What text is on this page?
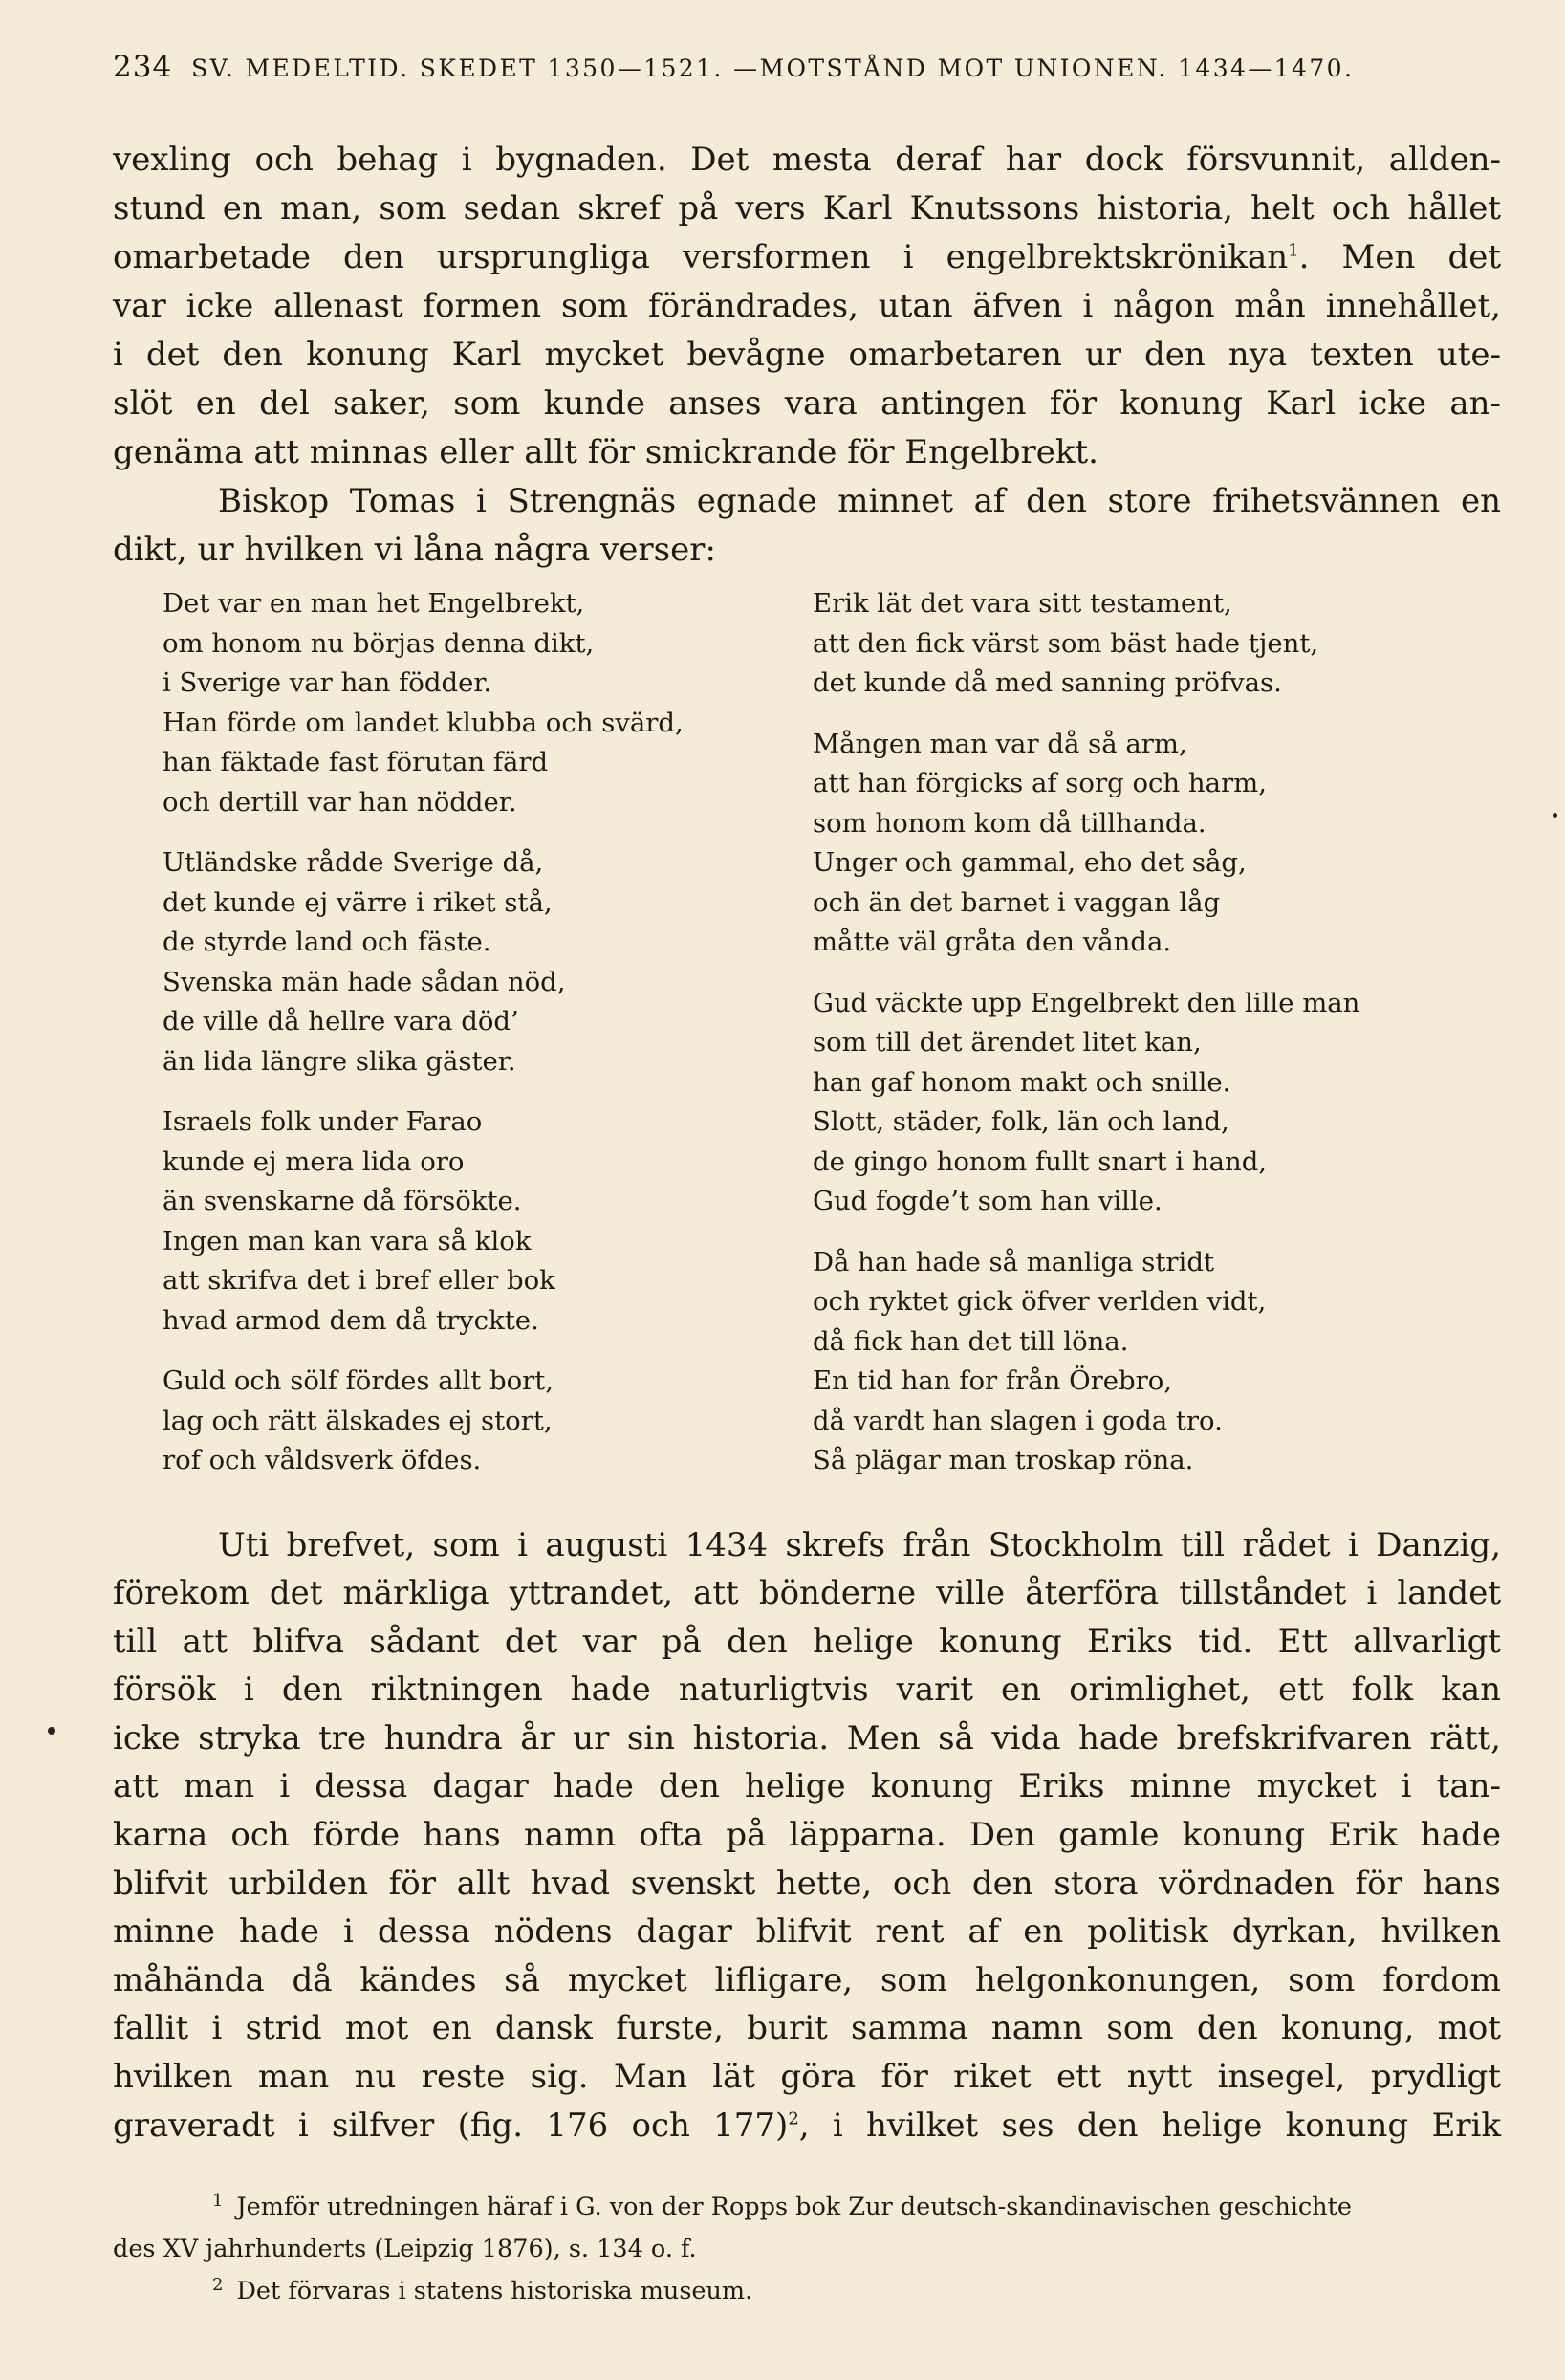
234 SV. MEDELTID. SKEDET 1350—1521. —MOTSTÅND MOT UNIONEN. 1434—1470.

vexling och behag i bygnaden. Det mesta deraf har dock försvunnit, allden-
stund en man, som sedan skref på vers Karl Knutssons historia, helt och hållet
omarbetade den ursprungliga versformen i engelbrektskrönikan$^1$. Men det
var icke allenast formen som förändrades, utan äfven i någon mån innehållet,
i det den konung Karl mycket bevågne omarbetaren ur den nya texten ute-
slöt en del saker, som kunde anses vara antingen för konung Karl icke an-
genäma att minnas eller allt för smickrande för Engelbrekt.

Biskop Tomas i Strengnäs egnade minnet af den store frihetsvännen en
dikt, ur hvilken vi låna några verser:

Det var en man het Engelbrekt,
om honom nu börjas denna dikt,
i Sverige var han födder.
Han förde om landet klubba och svärd,
han fäktade fast förutan färd
och dertill var han nödder.
Utländske rådde Sverige då,
det kunde ej värre i riket stå,
de styrde land och fäste.
Svenska män hade sådan nöd,
de ville då hellre vara död’
än lida längre slika gäster.
Israels folk under Farao
kunde ej mera lida oro
än svenskarne då försökte.
Ingen man kan vara så klok
att skrifva det i bref eller bok
hvad armod dem då tryckte.
Guld och sölf fördes allt bort,
lag och rätt älskades ej stort,
rof och våldsverk öfdes.
Erik lät det vara sitt testament,
att den fick värst som bäst hade tjent,
det kunde då med sanning pröfvas.
Mången man var då så arm,
att han förgicks af sorg och harm,
som honom kom då tillhanda.
Unger och gammal, eho det såg,
och än det barnet i vaggan låg
måtte väl gråta den vånda.
Gud väckte upp Engelbrekt den lille man
som till det ärendet litet kan,
han gaf honom makt och snille.
Slott, städer, folk, län och land,
de gingo honom fullt snart i hand,
Gud fogde’t som han ville.
Då han hade så manliga stridt
och ryktet gick öfver verlden vidt,
då fick han det till löna.
En tid han for från Örebro,
då vardt han slagen i goda tro.
Så plägar man troskap röna.

Uti brefvet, som i augusti 1434 skrefs från Stockholm till rådet i Danzig,
förekom det märkliga yttrandet, att bönderne ville återföra tillståndet i landet
till att blifva sådant det var på den helige konung Eriks tid. Ett allvarligt
försök i den riktningen hade naturligtvis varit en orimlighet, ett folk kan
icke stryka tre hundra år ur sin historia. Men så vida hade brefskrifvaren rätt,
att man i dessa dagar hade den helige konung Eriks minne mycket i tan-
karna och förde hans namn ofta på läpparna. Den gamle konung Erik hade
blifvit urbilden för allt hvad svenskt hette, och den stora vördnaden för hans
minne hade i dessa nödens dagar blifvit rent af en politisk dyrkan, hvilken
måhända då kändes så mycket lifligare, som helgonkonungen, som fordom
fallit i strid mot en dansk furste, burit samma namn som den konung, mot
hvilken man nu reste sig. Man lät göra för riket ett nytt insegel, prydligt
graveradt i silfver (fig. 176 och 177)$^2$, i hvilket ses den helige konung Erik

$^1$ Jemför utredningen häraf i G. von der Ropps bok Zur deutsch-skandinavischen geschichte
des XV jahrhunderts (Leipzig 1876), s. 134 o. f.
$^2$ Det förvaras i statens historiska museum.
